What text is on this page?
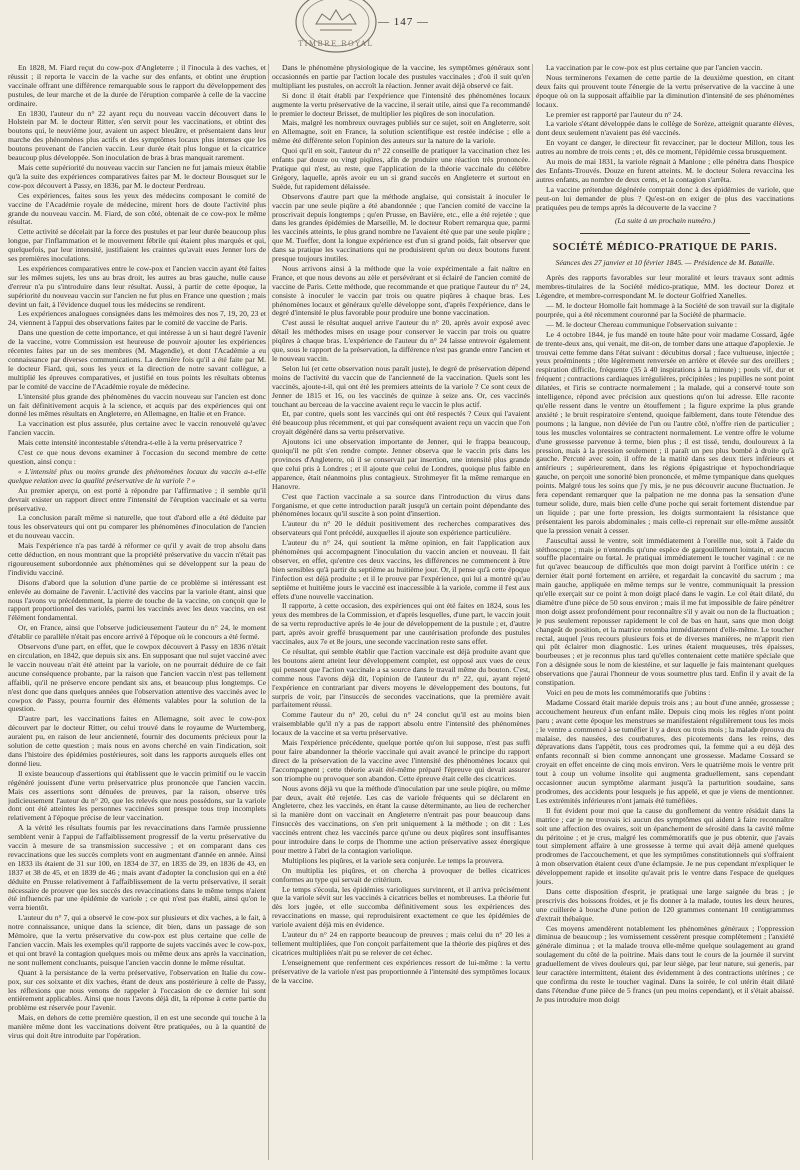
— 147 —
TIMBRE ROYAL

En 1828, M. Fiard reçut du cow-pox d'Angleterre ; il l'inocula à des vaches, et réussit ; il reporta le vaccin de la vache sur des enfants, et obtint une éruption vaccinale offrant une différence remarquable sous le rapport du développement des pustules, de leur marche et de la durée de l'éruption comparée à celle de la vaccine ordinaire.

En 1830, l'auteur du n° 22 ayant reçu du nouveau vaccin découvert dans le Holstein par M. le docteur Ritter, s'en servit pour les vaccinations, et obtint des boutons qui, le neuvième jour, avaient un aspect bleuâtre, et présentaient dans leur marche des phénomènes plus actifs et des symptômes locaux plus intenses que les boutons provenant de l'ancien vaccin. Leur durée était plus longue et la cicatrice beaucoup plus développée. Son inoculation de bras à bras manquait rarement.

Mais cette supériorité du nouveau vaccin sur l'ancien ne fut jamais mieux établie qu'à la suite des expériences comparatives faites par M. le docteur Bousquet sur le cow-pox découvert à Passy, en 1836, par M. le docteur Perdreau.

Ces expériences, faites sous les yeux des médecins composant le comité de vaccine de l'Académie royale de médecine, mirent hors de doute l'activité plus grande du nouveau vaccin. M. Fiard, de son côté, obtenait de ce cow-pox le même résultat.

Cette activité se décelait par la force des pustules et par leur durée beaucoup plus longue, par l'inflammation et le mouvement fébrile qui étaient plus marqués et qui, quelquefois, par leur intensité, justifiaient les craintes qu'avait eues Jenner lors de ses premières inoculations.

Les expériences comparatives entre le cow-pox et l'ancien vaccin ayant été faites sur les mêmes sujets, les uns au bras droit, les autres au bras gauche, nulle cause d'erreur n'a pu s'introduire dans leur résultat. Aussi, à partir de cette époque, la supériorité du nouveau vaccin sur l'ancien ne fut plus en France une question ; mais devint un fait, à l'évidence duquel tous les médecins se rendirent.

Les expériences analogues consignées dans les mémoires des nos 7, 19, 20, 23 et 24, viennent à l'appui des observations faites par le comité de vaccine de Paris.

Dans une question de cette importance, et qui intéresse à un si haut degré l'avenir de la vaccine, votre Commission est heureuse de pouvoir ajouter les expériences récentes faites par un de ses membres (M. Magendie), et dont l'Académie a eu connaissance par diverses communications. La dernière fois qu'il a été faite par M. le docteur Fiard, qui, sous les yeux et la direction de notre savant collègue, a multiplié les épreuves comparatives, et justifié en tous points les résultats obtenus par le comité de vaccine de l'Académie royale de médecine.

L'intensité plus grande des phénomènes du vaccin nouveau sur l'ancien est donc un fait définitivement acquis à la science, et acquis par des expériences qui ont donné les mêmes résultats en Angleterre, en Allemagne, en Italie et en France.

La vaccination est plus assurée, plus certaine avec le vaccin renouvelé qu'avec l'ancien vaccin.

Mais cette intensité incontestable s'étendra-t-elle à la vertu préservatrice ?

C'est ce que nous devons examiner à l'occasion du second membre de cette question, ainsi conçu :

« L'intensité plus ou moins grande des phénomènes locaux du vaccin a-t-elle quelque relation avec la qualité préservative de la variole ? »

Au premier aperçu, on est porté à répondre par l'affirmative ; il semble qu'il devrait exister un rapport direct entre l'intensité de l'éruption vaccinale et sa vertu préservative.

La conclusion paraît même si naturelle, que tout d'abord elle a été déduite par tous les observateurs qui ont pu comparer les phénomènes d'inoculation de l'ancien et du nouveau vaccin.

Mais l'expérience n'a pas tardé à réformer ce qu'il y avait de trop absolu dans cette déduction, en nous montrant que la propriété préservative du vaccin n'était pas rigoureusement subordonnée aux phénomènes qui se développent sur la peau de l'individu vacciné.

Disons d'abord que la solution d'une partie de ce problème si intéressant est enlevée au domaine de l'avenir. L'activité des vaccins par la variole étant, ainsi que nous l'avons vu précédemment, la pierre de touche de la vaccine, on conçoit que le rapport proportionnel des variolés, parmi les vaccinés avec les deux vaccins, en est l'élément fondamental.

Or, en France, ainsi que l'observe judicieusement l'auteur du n° 24, le moment d'établir ce parallèle n'était pas encore arrivé à l'époque où le concours a été fermé.

Observons d'une part, en effet, que le cowpox découvert à Passy en 1836 n'était en circulation, en 1842, que depuis six ans. En supposant que nul sujet vacciné avec le vaccin nouveau n'ait été atteint par la variole, on ne pourrait déduire de ce fait aucune conséquence probante, par la raison que l'ancien vaccin n'est pas tellement affaibli, qu'il ne préserve encore pendant six ans, et beaucoup plus longtemps. Ce n'est donc que dans quelques années que l'observation attentive des vaccinés avec le cowpox de Passy, pourra fournir des éléments valables pour la solution de la question.

D'autre part, les vaccinations faites en Allemagne, soit avec le cow-pox découvert par le docteur Ritter, ou celui trouvé dans le royaume de Wurtemberg, auraient pu, en raison de leur ancienneté, fournir des documents précieux pour la solution de cette question ; mais nous en avons cherché en vain l'indication, soit dans l'histoire des épidémies postérieures, soit dans les rapports auxquels elles ont donné lieu.

Il existe beaucoup d'assertions qui établissent que le vaccin primitif ou le vaccin régénéré jouissent d'une vertu préservatrice plus prononcée que l'ancien vaccin. Mais ces assertions sont dénuées de preuves, par la raison, observe très judicieusement l'auteur du n° 20, que les relevés que nous possédons, sur la variole dont ont été atteintes les personnes vaccinées sont presque tous trop incomplets relativement à l'époque précise de leur vaccination.

A la vérité les résultats fournis par les revaccinations dans l'armée prussienne semblent venir à l'appui de l'affaiblissement progressif de la vertu préservative du vaccin à mesure de sa transmission successive ; et en comparant dans ces revaccinations que les succès complets vont en augmentant d'année en année. Ainsi en 1833 ils étaient de 31 sur 100, en 1834 de 37, en 1835 de 39, en 1836 de 43, en 1837 et 38 de 45, et en 1839 de 46 ; mais avant d'adopter la conclusion qui en a été déduite en Prusse relativement à l'affaiblissement de la vertu préservative, il serait nécessaire de prouver que les succès des revaccinations dans le même temps n'aient été influencés par une épidémie de variole ; ce qui n'est pas établi, ainsi qu'on le verra bientôt.

L'auteur du n° 7, qui a observé le cow-pox sur plusieurs et dix vaches, a le fait, à notre connaissance, unique dans la science, dit bien, dans un passage de son Mémoire, que la vertu préservative du cow-pox est plus certaine que celle de l'ancien vaccin. Mais les exemples qu'il rapporte de sujets vaccinés avec le cow-pox, et qui ont bravé la contagion quelques mois ou même deux ans après la vaccination, ne sont nullement concluants, puisque l'ancien vaccin donne le même résultat.

Quant à la persistance de la vertu préservative, l'observation en Italie du cow-pox, sur ces soixante et dix vaches, étant de deux ans postérieure à celle de Passy, les réflexions que nous venons de rappeler à l'occasion de ce dernier lui sont entièrement applicables. Ainsi que nous l'avons déjà dit, la réponse à cette partie du problème est réservée pour l'avenir.

Mais, en dehors de cette première question, il en est une seconde qui touche à la manière même dont les vaccinations doivent être pratiquées, ou à la quantité de virus qui doit être introduite par l'opération.

Dans le phénomène physiologique de la vaccine, les symptômes généraux sont occasionnés en partie par l'action locale des pustules vaccinales ; d'où il suit qu'en multipliant les pustules, on accroît la réaction. Jenner avait déjà observé ce fait.

Si donc il était établi par l'expérience que l'intensité des phénomènes locaux augmente la vertu préservative de la vaccine, il serait utile, ainsi que l'a recommandé le premier le docteur Brisset, de multiplier les piqûres de son inoculation.

Mais, malgré les nombreux ouvrages publiés sur ce sujet, soit en Angleterre, soit en Allemagne, soit en France, la solution scientifique est restée indécise ; elle a même été différente selon l'opinion des auteurs sur la nature de la variole.

Quoi qu'il en soit, l'auteur du n° 22 conseille de pratiquer la vaccination chez les enfants par douze ou vingt piqûres, afin de produire une réaction très prononcée. Pratique qui n'est, au reste, que l'application de la théorie vaccinale du célèbre Grégory, laquelle, après avoir eu un si grand succès en Angleterre et surtout en Suède, fut rapidement délaissée.

Observons d'autre part que la méthode anglaise, qui consistait à inoculer le vaccin par une seule piqûre a été abandonnée ; que l'ancien comité de vaccine la proscrivait depuis longtemps ; qu'en Prusse, en Bavière, etc., elle a été rejetée ; que dans les grandes épidémies de Marseille, M. le docteur Robert remarqua que, parmi les vaccinés atteints, le plus grand nombre ne l'avaient été que par une seule piqûre ; que M. Tueffer, dont la longue expérience est d'un si grand poids, fait observer que dans sa pratique les vaccinations qui ne produisirent qu'un ou deux boutons furent presque toujours inutiles.

Nous arrivons ainsi à la méthode que la voie expérimentale a fait naître en France, et que nous devons au zèle et persévérant et si éclairé de l'ancien comité de vaccine de Paris. Cette méthode, que recommande et que pratique l'auteur du n° 24, consiste à inoculer le vaccin par trois ou quatre piqûres à chaque bras. Les phénomènes locaux et généraux qu'elle développe sont, d'après l'expérience, dans le degré d'intensité le plus favorable pour produire une bonne vaccination.

C'est aussi le résultat auquel arrive l'auteur du n° 20, après avoir exposé avec détail les méthodes mises en usage pour conserver le vaccin par trois ou quatre piqûres à chaque bras. L'expérience de l'auteur du n° 24 laisse entrevoir également que, sous le rapport de la préservation, la différence n'est pas grande entre l'ancien et le nouveau vaccin.

Selon lui (et cette observation nous paraît juste), le degré de préservation dépend moins de l'activité du vaccin que de l'ancienneté de la vaccination. Quels sont les vaccinés, ajoute-t-il, qui ont été les premiers atteints de la variole ? Ce sont ceux de Jenner de 1815 et 16, ou les vaccinés de quinze à seize ans. Or, ces vaccinés touchant au berceau de la vaccine avaient reçu le vaccin le plus actif.

Et, par contre, quels sont les vaccinés qui ont été respectés ? Ceux qui l'avaient été beaucoup plus récemment, et qui par conséquent avaient reçu un vaccin que l'on croyait dégénéré dans sa vertu préservative.

Ajoutons ici une observation importante de Jenner, qui le frappa beaucoup, quoiqu'il ne pût s'en rendre compte. Jenner observa que le vaccin pris dans les provinces d'Angleterre, où il se conservait par insertion, une intensité plus grande que celui pris à Londres ; et il ajoute que celui de Londres, quoique plus faible en apparence, était néanmoins plus contagieux. Strohmeyer fit la même remarque en Hanovre.

C'est que l'action vaccinale a sa source dans l'introduction du virus dans l'organisme, et que cette introduction paraît jusqu'à un certain point dépendante des phénomènes locaux qu'il suscite à son point d'insertion.

L'auteur du n° 20 le déduit positivement des recherches comparatives des observateurs qui l'ont précédé, auxquelles il ajoute son expérience particulière.

L'auteur du n° 24, qui soutient la même opinion, en fait l'application aux phénomènes qui accompagnent l'inoculation du vaccin ancien et nouveau. Il fait observer, en effet, qu'entre ces deux vaccins, les différences ne commencent à être bien sensibles qu'à partir du septième au huitième jour. Or, il pense qu'à cette époque l'infection est déjà produite ; et il le prouve par l'expérience, qui lui a montré qu'au septième et huitième jours le vacciné est inaccessible à la variole, comme il l'est aux effets d'une nouvelle vaccination.

Il rapporte, à cette occasion, des expériences qui ont été faites en 1824, sous les yeux des membres de la Commission, et d'après lesquelles, d'une part, le vaccin jouit de sa vertu reproductive après le 4e jour de développement de la pustule ; et, d'autre part, après avoir greffé brusquement par une cautérisation profonde des pustules vaccinales, aux 7e et 8e jours, une seconde vaccination reste sans effet.

Ce résultat, qui semble établir que l'action vaccinale est déjà produite avant que les boutons aient atteint leur développement complet, est opposé aux vues de ceux qui pensent que l'action vaccinale a sa source dans le travail même du bouton. C'est, comme nous l'avons déjà dit, l'opinion de l'auteur du n° 22, qui, ayant rejeté l'expérience en contrariant par divers moyens le développement des boutons, fut surpris de voir, par l'insuccès de secondes vaccinations, que la première avait parfaitement réussi.

Comme l'auteur du n° 20, celui du n° 24 conclut qu'il est au moins bien vraisemblable qu'il n'y a pas de rapport absolu entre l'intensité des phénomènes locaux de la vaccine et sa vertu préservative.

Mais l'expérience précédente, quelque portée qu'on lui suppose, n'est pas suffi pour faire abandonner la théorie vaccinale qui avait avancé le principe du rapport direct de la préservation de la vaccine avec l'intensité des phénomènes locaux qui l'accompagnent ; cette théorie avait été-même préparé l'épreuve qui devait assurer son triomphe ou provoquer son abandon. Cette épreuve était celle des cicatrices.

Nous avons déjà vu que la méthode d'inoculation par une seule piqûre, ou même par deux, avait été rejetée. Les cas de variole fréquents qui se déclarent en Angleterre, chez les vaccinés, en étant la cause déterminante, au lieu de rechercher si la manière dont on vaccinait en Angleterre n'entrait pas pour beaucoup dans l'insuccès des vaccinations, on s'en prit uniquement à la méthode ; on dit : Les vaccinés entrent chez les vaccinés parce qu'une ou deux piqûres sont insuffisantes pour introduire dans le corps de l'homme une action préservative assez énergique pour mettre à l'abri de la contagion variolique.

Multiplions les piqûres, et la variole sera conjurée. Le temps la prouvera.

On multiplia les piqûres, et on chercha à provoquer de belles cicatrices conformes au type qui servait de critérium.

Le temps s'écoula, les épidémies varioliques survinrent, et il arriva précisément que la variole sévit sur les vaccinés à cicatrices belles et nombreuses. La théorie fut dès lors jugée, et elle succomba définitivement sous les expériences des revaccinations en masse, qui reproduisirent exactement ce que les épidémies de variole avaient déjà mis en évidence.

L'auteur du n° 24 en rapporte beaucoup de preuves ; mais celui du n° 20 les a tellement multipliées, que l'on conçoit parfaitement que la théorie des piqûres et des cicatrices multipliées n'ait pu se relever de cet échec.

L'enseignement que renferment ces expériences ressort de lui-même : la vertu préservative de la variole n'est pas proportionnée à l'intensité des symptômes locaux de la vaccine.

La vaccination par le cow-pox est plus certaine que par l'ancien vaccin.

Nous terminerons l'examen de cette partie de la deuxième question, en citant deux faits qui prouvent toute l'énergie de la vertu préservative de la vaccine à une époque où on la supposait affaiblie par la diminution d'intensité de ses phénomènes locaux.

Le premier est rapporté par l'auteur du n° 24.

La variole s'étant développée dans le collège de Sorèze, atteignit quarante élèves, dont deux seulement n'avaient pas été vaccinés.

En voyant ce danger, le directeur fit revacciner, par le docteur Millon, tous les autres au nombre de trois cents ; et, dès ce moment, l'épidémie cessa brusquement.

Au mois de mai 1831, la variole régnait à Manlone ; elle pénétra dans l'hospice des Enfants-Trouvés. Douze en furent atteints. M. le docteur Solera revaccina les autres enfants, au nombre de deux cents, et la contagion s'arrêta.

La vaccine prétendue dégénérée comptait donc à des épidémies de variole, que peut-on lui demander de plus ? Qu'est-on en exiger de plus des vaccinations pratiquées peu de temps après la découverte de la vaccine ?

(La suite à un prochain numéro.)

SOCIÉTÉ MÉDICO-PRATIQUE DE PARIS.

Séances des 27 janvier et 10 février 1845. — Présidence de M. Bataille.

Après des rapports favorables sur leur moralité et leurs travaux sont admis membres-titulaires de la Société médico-pratique, MM. les docteur Dorez et Légendre, et membre-correspondant M. le docteur Golfried Xanelles.

— M. le docteur Homolle fait hommage à la Société de son travail sur la digitale pourprée, qui a été récemment couronné par la Société de pharmacie.

— M. le docteur Chereau communique l'observation suivante :

Le 4 octobre 1844, je fus mandé en toute hâte pour voir madame Cossard, âgée de trente-deux ans, qui venait, me dit-on, de tomber dans une attaque d'apoplexie. Je trouvai cette femme dans l'état suivant : décubitus dorsal ; face vultueuse, injectée ; yeux proéminents ; tête légèrement renversée en arrière et élevée sur des oreillers ; respiration difficile, fréquente (35 à 40 inspirations à la minute) ; pouls vif, dur et fréquent ; contractions cardiaques irrégulières, précipitées ; les pupilles ne sont point dilatées, et l'iris se contracte normalement ; la malade, qui a conservé toute son intelligence, répond avec précision aux questions qu'on lui adresse. Elle raconte qu'elle ressent dans le ventre un étouffement ; la figure exprime la plus grande anxiété ; le bruit respiratoire s'entend, quoique faiblement, dans toute l'étendue des poumons ; la langue, non déviée de l'un ou l'autre côté, n'offre rien de particulier ; tous les muscles volontaires se contractent normalement. Le ventre offre le volume d'une grossesse parvenue à terme, bien plus ; il est tissé, tendu, douloureux à la pression, mais à la pression seulement ; il paraît un peu plus bombé à droite qu'à gauche. Percuté avec soin, il offre de la matité dans ses deux tiers inférieurs et antérieurs ; supérieurement, dans les régions épigastrique et hypochondriaque gauche, on perçoit une sonorité bien prononcée, et même tympanique dans quelques points. Malgré tous les soins que j'y mis, je ne pus découvrir aucune fluctuation. Je fera cependant remarquer que la palpation ne me donna pas la sensation d'une tumeur solide, dure, mais bien celle d'une poche qui serait fortement distendue par un liquide ; par une forte pression, les doigts surmontaient la résistance que présentaient les parois abdominales ; mais celle-ci reprenait sur elle-même aussitôt que la pression venait à cesser.

J'auscultai aussi le ventre, soit immédiatement à l'oreille nue, soit à l'aide du stéthoscope ; mais je n'entendis qu'une espèce de gargouillement lointain, et aucun souffle placentaire ou fœtal. Je pratiquai immédiatement le toucher vaginal : ce ne fut qu'avec beaucoup de difficultés que mon doigt parvint à l'orifice utérin : ce dernier était porté fortement en arrière, et regardait la concavité du sacrum ; ma main gauche, appliquée en même temps sur le ventre, communiquait la pression qu'elle exerçait sur ce point à mon doigt placé dans le vagin. Le col était dilaté, du diamètre d'une pièce de 50 sous environ ; mais il me fut impossible de faire pénétrer mon doigt assez profondément pour reconnaître s'il y avait ou non de la fluctuation ; je pus seulement repousser rapidement le col de bas en haut, sans que mon doigt changeât de position, et la matrice retomba immédiatement d'elle-même. Le toucher rectal, auquel j'eus recours plusieurs fois et de diverses manières, ne m'apprit rien qui pût éclairer mon diagnostic. Les urines étaient muqueuses, très épaisses, bourbeuses ; et je reconnus plus tard qu'elles contenaient cette matière spéciale que l'on a désignée sous le nom de kiestéine, et sur laquelle je fais maintenant quelques observations que j'aurai l'honneur de vous soumettre plus tard. Enfin il y avait de la constipation.

Voici en peu de mots les commémoratifs que j'obtins :

Madame Cossard était mariée depuis trois ans ; au bout d'une année, grossesse ; accouchement heureux d'un enfant mâle. Depuis cinq mois les règles n'ont point paru ; avant cette époque les menstrues se manifestaient régulièrement tous les mois ; le ventre a commencé à se tuméfier il y a deux ou trois mois ; la malade éprouva du malaise, des nausées, des courbatures, des picotements dans les reins, des dépravations dans l'appétit, tous ces prodromes qui, la femme qui a eu déjà des enfants reconnaît si bien comme annonçant une grossesse. Madame Cossard se croyait en effet enceinte de cinq mois environ. Vers le quatrième mois le ventre prit tout à coup un volume insolite qui augmenta graduellement, sans cependant occasionner aucun symptôme alarmant jusqu'à la parturition soudaine, sans prodromes, des accidents pour lesquels je fus appelé, et que je viens de mentionner. Les extrémités inférieures n'ont jamais été tuméfiées.

Il fut évident pour moi que la cause du gonflement du ventre résidait dans la matrice ; car je ne trouvais ici aucun des symptômes qui aident à faire reconnaître soit une affection des ovaires, soit un épanchement de sérosité dans la cavité même du péritoine ; et je crus, malgré les commémoratifs que je pus obtenir, que j'avais tout simplement affaire à une grossesse à terme qui avait déjà amené quelques prodromes de l'accouchement, et que les symptômes constitutionnels qui s'offraient à mon observation étaient ceux d'une éclampsie. Je ne pus cependant m'expliquer le développement rapide et insolite qu'avait pris le ventre dans l'espace de quelques jours.

Dans cette disposition d'esprit, je pratiquai une large saignée du bras ; je prescrivis des boissons froides, et je fis donner à la malade, toutes les deux heures, une cuillerée à bouche d'une potion de 120 grammes contenant 10 centigrammes d'extrait thébaïque.

Ces moyens amendèrent notablement les phénomènes généraux ; l'oppression diminua de beaucoup ; les vomissement cessèrent presque complètement ; l'anxiété générale diminua ; et la malade trouva elle-même quelque soulagement au grand soulagement du côté de la poitrine. Mais dans tout le cours de la journée il survint graduellement de vives douleurs qui, par leur siège, par leur nature, sui generis, par leur caractère intermittent, étaient des évidemment à des contractions utérines ; ce que confirma du reste le toucher vaginal. Dans la soirée, le col utérin était dilaté dans l'étendue d'une pièce de 5 francs (un peu moins cependant), et il s'était abaissé. Je pus introduire mon doigt
